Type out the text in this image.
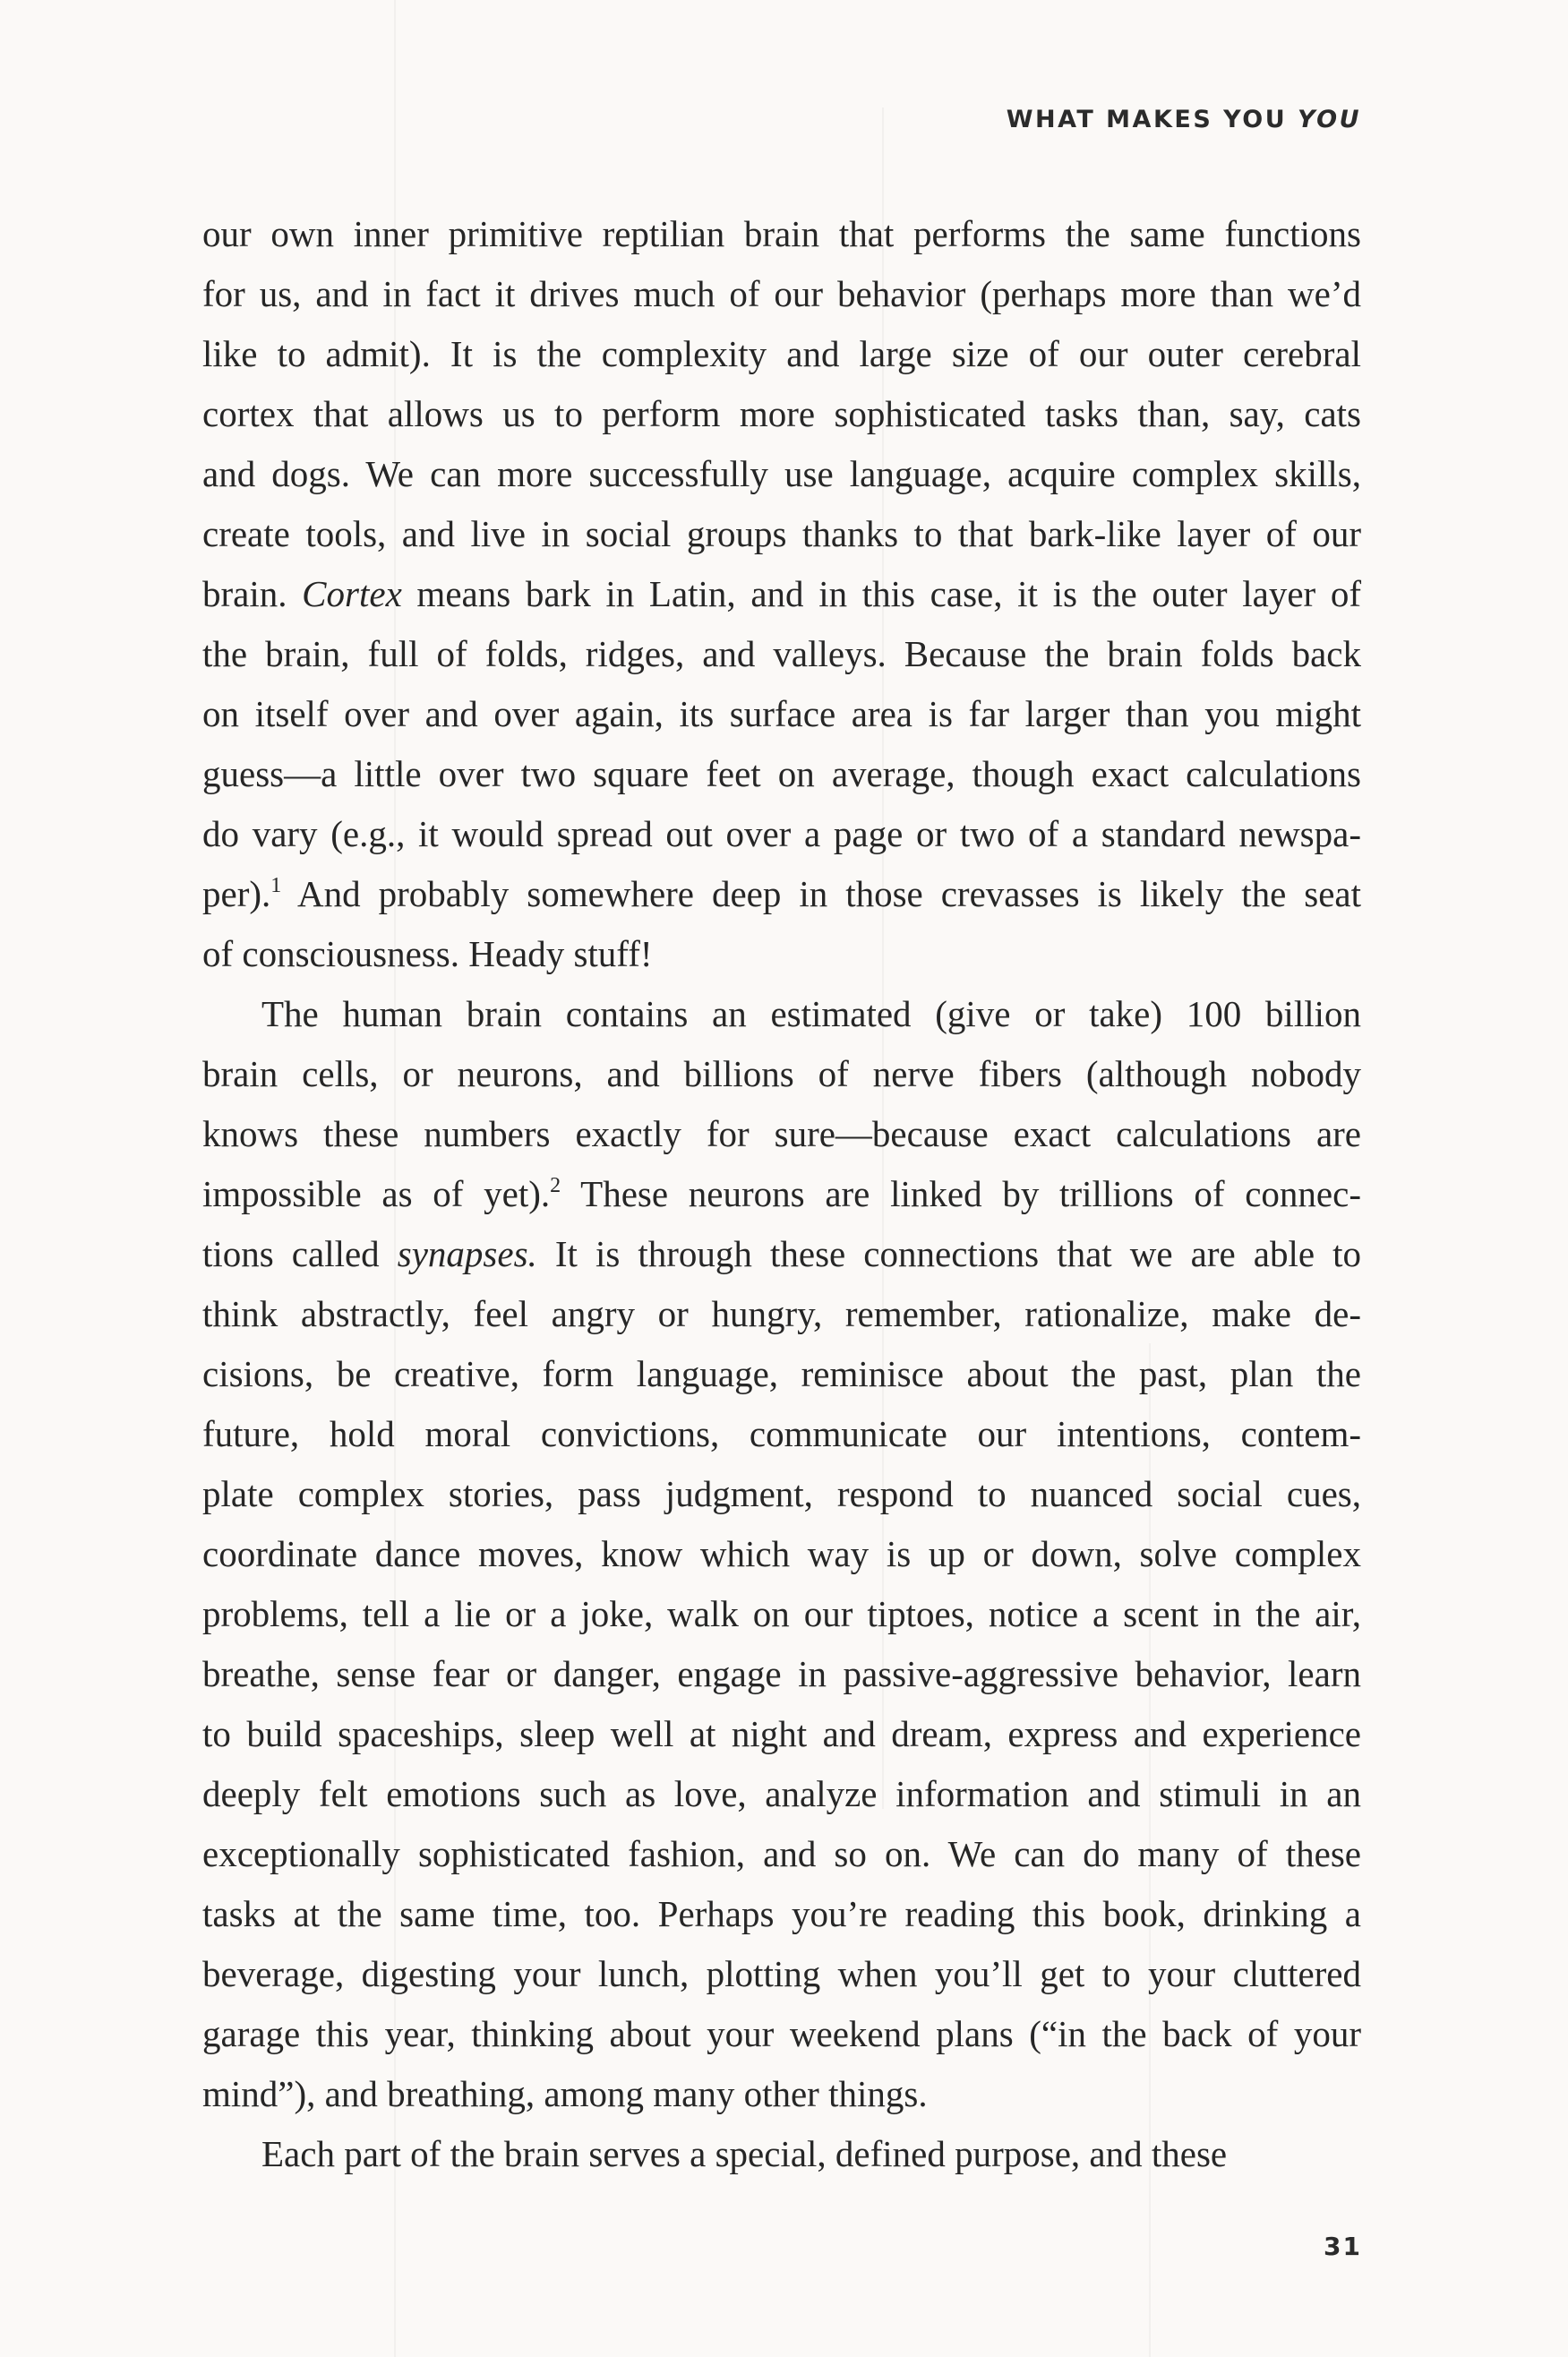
WHAT MAKES YOU YOU
our own inner primitive reptilian brain that performs the same functions
for us, and in fact it drives much of our behavior (perhaps more than we’d
like to admit). It is the complexity and large size of our outer cerebral
cortex that allows us to perform more sophisticated tasks than, say, cats
and dogs. We can more successfully use language, acquire complex skills,
create tools, and live in social groups thanks to that bark-like layer of our
brain. Cortex means bark in Latin, and in this case, it is the outer layer of
the brain, full of folds, ridges, and valleys. Because the brain folds back
on itself over and over again, its surface area is far larger than you might
guess—a little over two square feet on average, though exact calculations
do vary (e.g., it would spread out over a page or two of a standard newspa-
per).$^1$ And probably somewhere deep in those crevasses is likely the seat
of consciousness. Heady stuff!
The human brain contains an estimated (give or take) 100 billion
brain cells, or neurons, and billions of nerve fibers (although nobody
knows these numbers exactly for sure—because exact calculations are
impossible as of yet).$^2$ These neurons are linked by trillions of connec-
tions called synapses. It is through these connections that we are able to
think abstractly, feel angry or hungry, remember, rationalize, make de-
cisions, be creative, form language, reminisce about the past, plan the
future, hold moral convictions, communicate our intentions, contem-
plate complex stories, pass judgment, respond to nuanced social cues,
coordinate dance moves, know which way is up or down, solve complex
problems, tell a lie or a joke, walk on our tiptoes, notice a scent in the air,
breathe, sense fear or danger, engage in passive-aggressive behavior, learn
to build spaceships, sleep well at night and dream, express and experience
deeply felt emotions such as love, analyze information and stimuli in an
exceptionally sophisticated fashion, and so on. We can do many of these
tasks at the same time, too. Perhaps you’re reading this book, drinking a
beverage, digesting your lunch, plotting when you’ll get to your cluttered
garage this year, thinking about your weekend plans (“in the back of your
mind”), and breathing, among many other things.
Each part of the brain serves a special, defined purpose, and these
31
